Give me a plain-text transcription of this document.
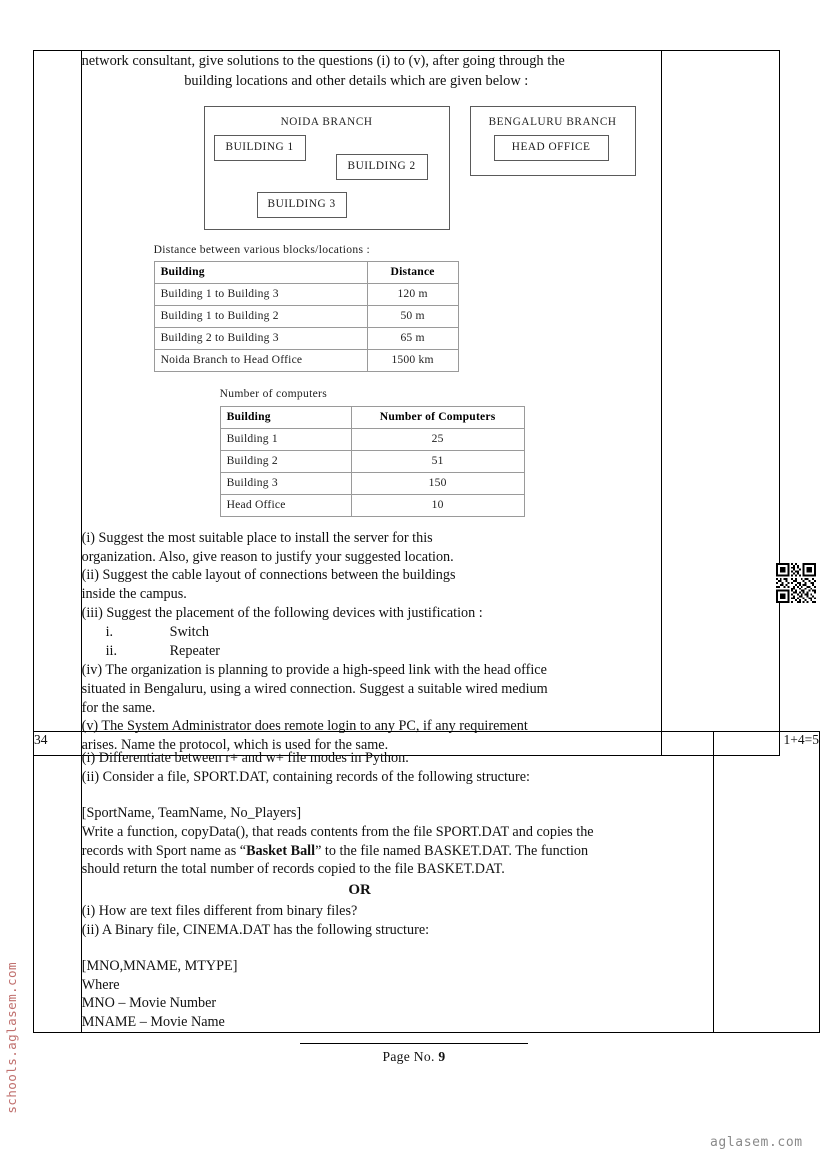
network consultant, give solutions to the questions (i) to (v), after going through the
building locations and other details which are given below :
NOIDA BRANCH	BENGALURU BRANCH
BUILDING 1
BUILDING 2
BUILDING 3
HEAD OFFICE
Distance between various blocks/locations :
Building	Distance
Building 1 to Building 3	120 m
Building 1 to Building 2	50 m
Building 2 to Building 3	65 m
Noida Branch to Head Office	1500 km
Number of computers
Building	Number of Computers
Building 1	25
Building 2	51
Building 3	150
Head Office	10
(i) Suggest the most suitable place to install the server for this
organization. Also, give reason to justify your suggested location.
(ii) Suggest the cable layout of connections between the buildings
inside the campus.
(iii) Suggest the placement of the following devices with justification :
i.	Switch
ii.	Repeater
(iv) The organization is planning to provide a high-speed link with the head office
situated in Bengaluru, using a wired connection. Suggest a suitable wired medium
for the same.
(v) The System Administrator does remote login to any PC, if any requirement
arises. Name the protocol, which is used for the same.

34	
(i) Differentiate between r+ and w+ file modes in Python.
(ii) Consider a file, SPORT.DAT, containing records of the following structure:
[SportName, TeamName, No_Players]
Write a function, copyData(), that reads contents from the file SPORT.DAT and copies the
records with Sport name as “Basket Ball” to the file named BASKET.DAT. The function
should return the total number of records copied to the file BASKET.DAT.
OR
(i) How are text files different from binary files?
(ii) A Binary file, CINEMA.DAT has the following structure:
[MNO,MNAME, MTYPE]
Where
MNO – Movie Number
MNAME – Movie Name
	1+4=5
Page No. 9
schools.aglasem.com
aglasem.com
